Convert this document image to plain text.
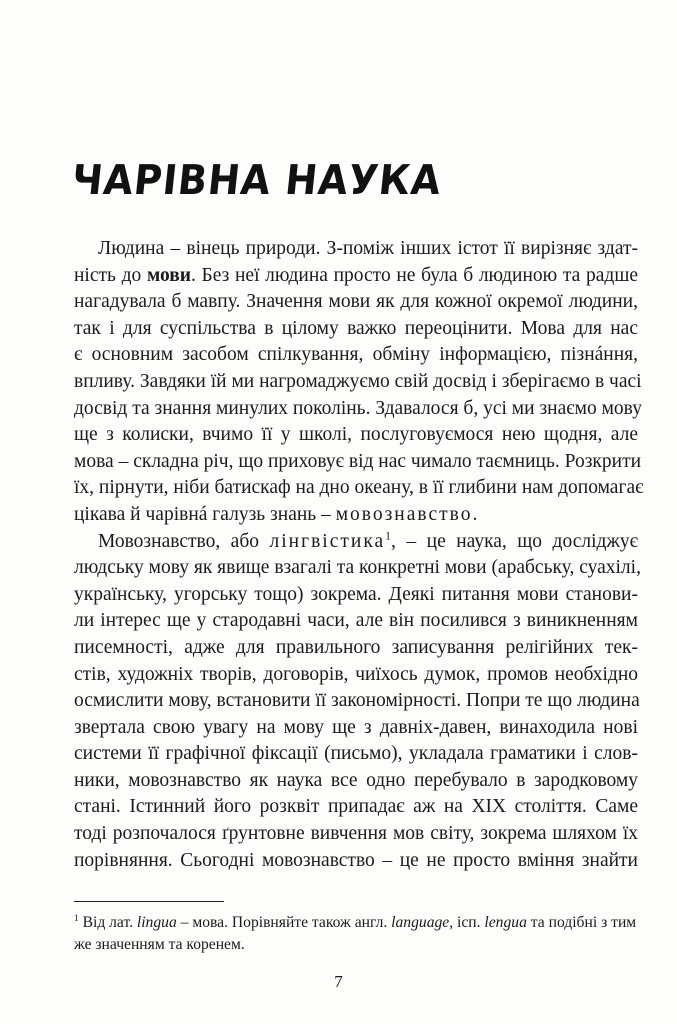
ЧАРІВНА НАУКА

Людина – вінець природи. З-поміж інших істот її вирізняє здат-
ність до мови. Без неї людина просто не була б людиною та радше
нагадувала б мавпу. Значення мови як для кожної окремої людини,
так і для суспільства в цілому важко переоцінити. Мова для нас
є основним засобом спілкування, обміну інформацією, пізнáння,
впливу. Завдяки їй ми нагромаджуємо свій досвід і зберігаємо в часі
досвід та знання минулих поколінь. Здавалося б, усі ми знаємо мову
ще з колиски, вчимо її у школі, послуговуємося нею щодня, але
мова – складна річ, що приховує від нас чимало таємниць. Розкрити
їх, пірнути, ніби батискаф на дно океану, в її глибини нам допомагає
цікава й чарівнá галузь знань – мовознавство.

Мовознавство, або лінгвістика$^1$, – це наука, що досліджує
людську мову як явище взагалі та конкретні мови (арабську, суахілі,
українську, угорську тощо) зокрема. Деякі питання мови станови-
ли інтерес ще у стародавні часи, але він посилився з виникненням
писемності, адже для правильного записування релігійних тек-
стів, художніх творів, договорів, чиїхось думок, промов необхідно
осмислити мову, встановити її закономірності. Попри те що людина
звертала свою увагу на мову ще з давніх-давен, винаходила нові
системи її графічної фіксації (письмо), укладала граматики і слов-
ники, мовознавство як наука все одно перебувало в зародковому
стані. Істинний його розквіт припадає аж на XIX століття. Саме
тоді розпочалося ґрунтовне вивчення мов світу, зокрема шляхом їх
порівняння. Сьогодні мовознавство – це не просто вміння знайти

$^1$ Від лат. lingua – мова. Порівняйте також англ. language, ісп. lengua та подібні з тим
же значенням та коренем.
7
